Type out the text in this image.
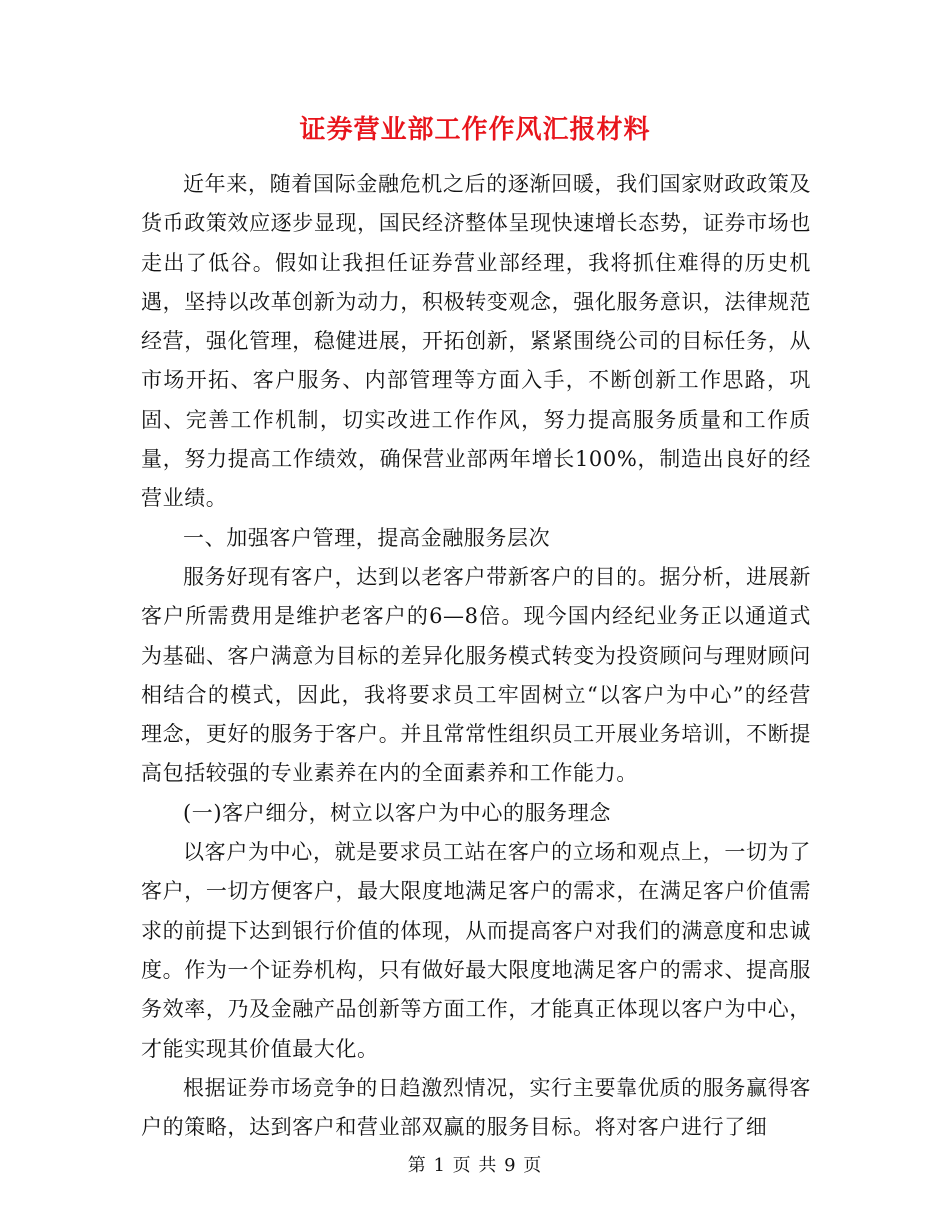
证券营业部工作作风汇报材料

近年来，随着国际金融危机之后的逐渐回暖，我们国家财政政策及货币政策效应逐步显现，国民经济整体呈现快速增长态势，证券市场也走出了低谷。假如让我担任证券营业部经理，我将抓住难得的历史机遇，坚持以改革创新为动力，积极转变观念，强化服务意识，法律规范经营，强化管理，稳健进展，开拓创新，紧紧围绕公司的目标任务，从市场开拓、客户服务、内部管理等方面入手，不断创新工作思路，巩固、完善工作机制，切实改进工作作风，努力提高服务质量和工作质量，努力提高工作绩效，确保营业部两年增长100%，制造出良好的经营业绩。

一、加强客户管理，提高金融服务层次

服务好现有客户，达到以老客户带新客户的目的。据分析，进展新客户所需费用是维护老客户的6—8倍。现今国内经纪业务正以通道式为基础、客户满意为目标的差异化服务模式转变为投资顾问与理财顾问相结合的模式，因此，我将要求员工牢固树立“以客户为中心”的经营理念，更好的服务于客户。并且常常性组织员工开展业务培训，不断提高包括较强的专业素养在内的全面素养和工作能力。

(一)客户细分，树立以客户为中心的服务理念

以客户为中心，就是要求员工站在客户的立场和观点上，一切为了客户，一切方便客户，最大限度地满足客户的需求，在满足客户价值需求的前提下达到银行价值的体现，从而提高客户对我们的满意度和忠诚度。作为一个证券机构，只有做好最大限度地满足客户的需求、提高服务效率，乃及金融产品创新等方面工作，才能真正体现以客户为中心，才能实现其价值最大化。

根据证券市场竞争的日趋激烈情况，实行主要靠优质的服务赢得客户的策略，达到客户和营业部双赢的服务目标。将对客户进行了细

第 1 页 共 9 页
